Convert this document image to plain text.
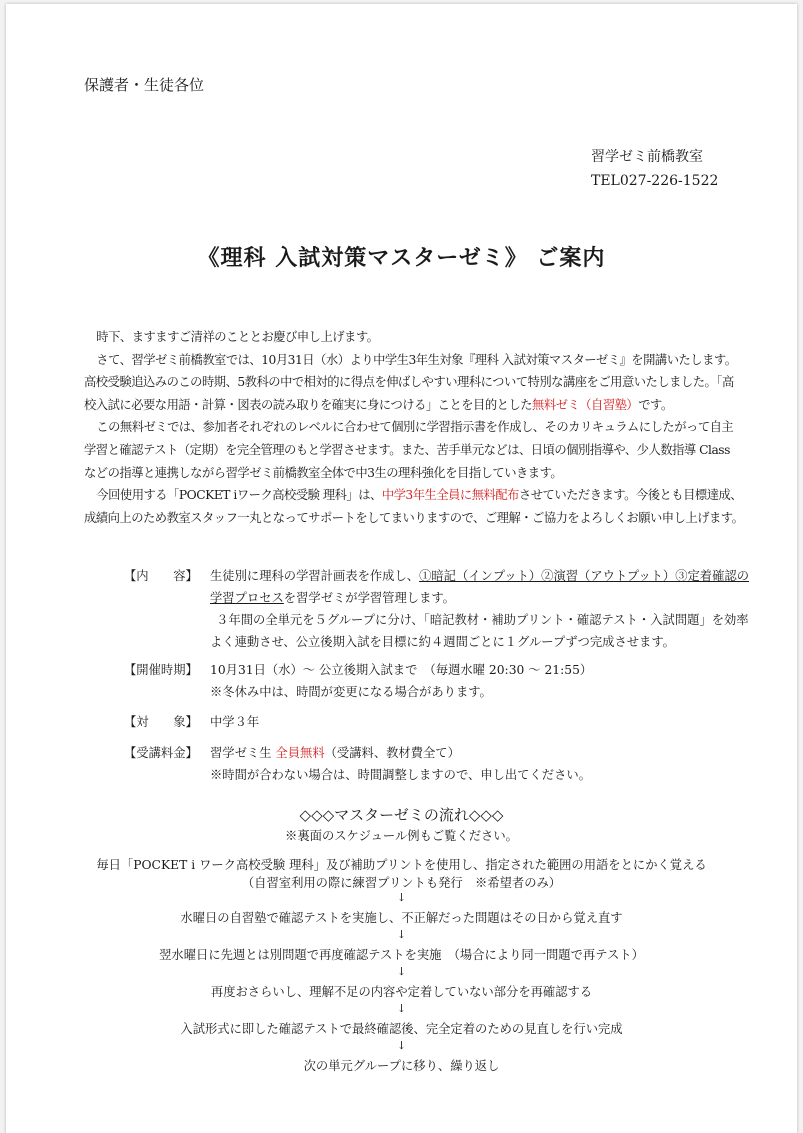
保護者・生徒各位
習学ゼミ前橋教室
TEL027-226-1522
《理科 入試対策マスターゼミ》 ご案内

時下、ますますご清祥のこととお慶び申し上げます。

さて、習学ゼミ前橋教室では、10月31日（水）より中学生3年生対象『理科 入試対策マスターゼミ』を開講いたします。高校受験追込みのこの時期、5教科の中で相対的に得点を伸ばしやすい理科について特別な講座をご用意いたしました。「高校入試に必要な用語・計算・図表の読み取りを確実に身につける」ことを目的とした無料ゼミ（自習塾）です。

この無料ゼミでは、参加者それぞれのレベルに合わせて個別に学習指示書を作成し、そのカリキュラムにしたがって自主学習と確認テスト（定期）を完全管理のもと学習させます。また、苦手単元などは、日頃の個別指導や、少人数指導 Class などの指導と連携しながら習学ゼミ前橋教室全体で中3生の理科強化を目指していきます。

今回使用する「POCKET iワーク高校受験 理科」は、中学3年生全員に無料配布させていただきます。今後とも目標達成、成績向上のため教室スタッフ一丸となってサポートをしてまいりますので、ご理解・ご協力をよろしくお願い申し上げます。

【内　　容】 生徒別に理科の学習計画表を作成し、①暗記（インプット）②演習（アウトプット）③定着確認の学習プロセスを習学ゼミが学習管理します。
３年間の全単元を５グループに分け、「暗記教材・補助プリント・確認テスト・入試問題」を効率よく連動させ、公立後期入試を目標に約４週間ごとに１グループずつ完成させます。
【開催時期】 10月31日（水）～ 公立後期入試まで　（毎週水曜 20:30 ～ 21:55）
※冬休み中は、時間が変更になる場合があります。
【対　　象】 中学３年
【受講料金】 習学ゼミ生 全員無料（受講料、教材費全て）
※時間が合わない場合は、時間調整しますので、申し出てください。
◇◇◇マスターゼミの流れ◇◇◇
※裏面のスケジュール例もご覧ください。
毎日「POCKET i ワーク高校受験 理科」及び補助プリントを使用し、指定された範囲の用語をとにかく覚える
（自習室利用の際に練習プリントも発行　※希望者のみ）
↓
水曜日の自習塾で確認テストを実施し、不正解だった問題はその日から覚え直す
↓
翌水曜日に先週とは別問題で再度確認テストを実施　（場合により同一問題で再テスト）
↓
再度おさらいし、理解不足の内容や定着していない部分を再確認する
↓
入試形式に即した確認テストで最終確認後、完全定着のための見直しを行い完成
↓
次の単元グループに移り、繰り返し
